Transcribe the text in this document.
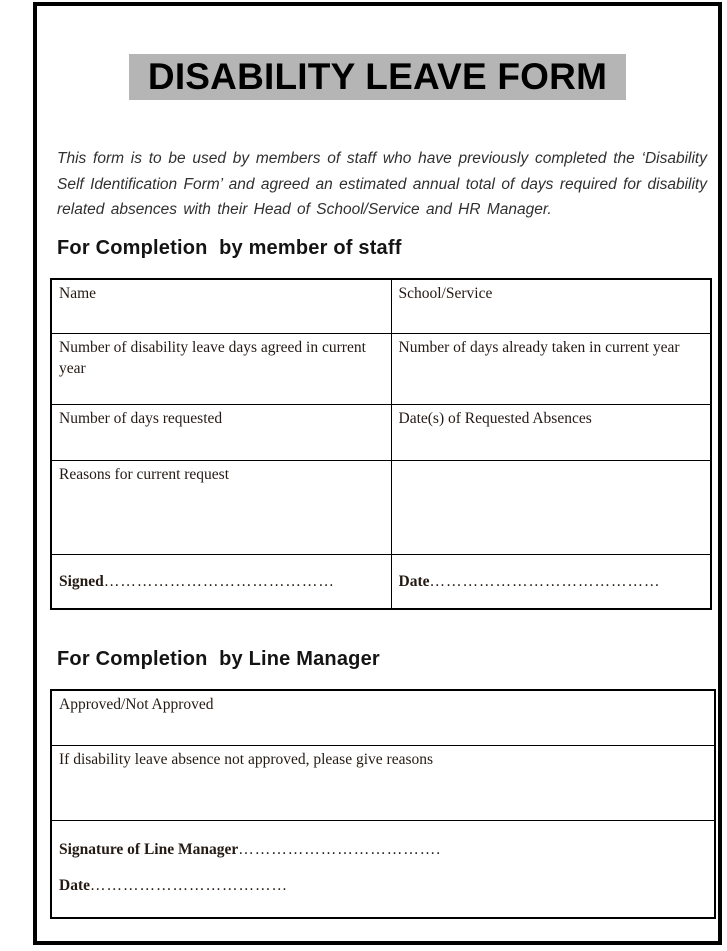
DISABILITY LEAVE FORM

This form is to be used by members of staff who have previously completed the ‘Disability Self Identification Form’ and agreed an estimated annual total of days required for disability related absences with their Head of School/Service and HR Manager.

For Completion  by member of staff
Name	School/Service
Number of disability leave days agreed in current year	Number of days already taken in current year
Number of days requested	Date(s) of Requested Absences
Reasons for current request	

Signed……………………………………	Date……………………………………
For Completion  by Line Manager
Approved/Not Approved
If disability leave absence not approved, please give reasons

Signature of Line Manager……………………………….
Date………………………………
